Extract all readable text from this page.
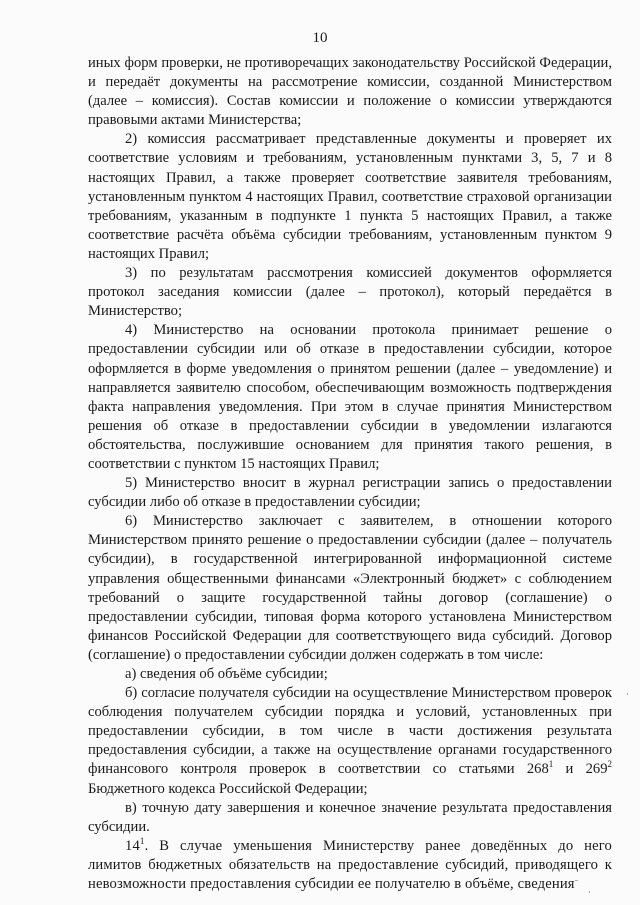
10

иных форм проверки, не противоречащих законодательству Российской Федерации, и передаёт документы на рассмотрение комиссии, созданной Министерством (далее – комиссия). Состав комиссии и положение о комиссии утверждаются правовыми актами Министерства;

2) комиссия рассматривает представленные документы и проверяет их соответствие условиям и требованиям, установленным пунктами 3, 5, 7 и 8 настоящих Правил, а также проверяет соответствие заявителя требованиям, установленным пунктом 4 настоящих Правил, соответствие страховой организации требованиям, указанным в подпункте 1 пункта 5 настоящих Правил, а также соответствие расчёта объёма субсидии требованиям, установленным пунктом 9 настоящих Правил;

3) по результатам рассмотрения комиссией документов оформляется протокол заседания комиссии (далее – протокол), который передаётся в Министерство;

4) Министерство на основании протокола принимает решение о предоставлении субсидии или об отказе в предоставлении субсидии, которое оформляется в форме уведомления о принятом решении (далее – уведомление) и направляется заявителю способом, обеспечивающим возможность подтверждения факта направления уведомления. При этом в случае принятия Министерством решения об отказе в предоставлении субсидии в уведомлении излагаются обстоятельства, послужившие основанием для принятия такого решения, в соответствии с пунктом 15 настоящих Правил;

5) Министерство вносит в журнал регистрации запись о предоставлении субсидии либо об отказе в предоставлении субсидии;

6) Министерство заключает с заявителем, в отношении которого Министерством принято решение о предоставлении субсидии (далее – получатель субсидии), в государственной интегрированной информационной системе управления общественными финансами «Электронный бюджет» с соблюдением требований о защите государственной тайны договор (соглашение) о предоставлении субсидии, типовая форма которого установлена Министерством финансов Российской Федерации для соответствующего вида субсидий. Договор (соглашение) о предоставлении субсидии должен содержать в том числе:

а) сведения об объёме субсидии;

б) согласие получателя субсидии на осуществление Министерством проверок соблюдения получателем субсидии порядка и условий, установленных при предоставлении субсидии, в том числе в части достижения результата предоставления субсидии, а также на осуществление органами государственного финансового контроля проверок в соответствии со статьями $268^1$ и $269^2$ Бюджетного кодекса Российской Федерации;

в) точную дату завершения и конечное значение результата предоставления субсидии.

$14^1$. В случае уменьшения Министерству ранее доведённых до него лимитов бюджетных обязательств на предоставление субсидий, приводящего к невозможности предоставления субсидии ее получателю в объёме, сведения

·
⁻
·
